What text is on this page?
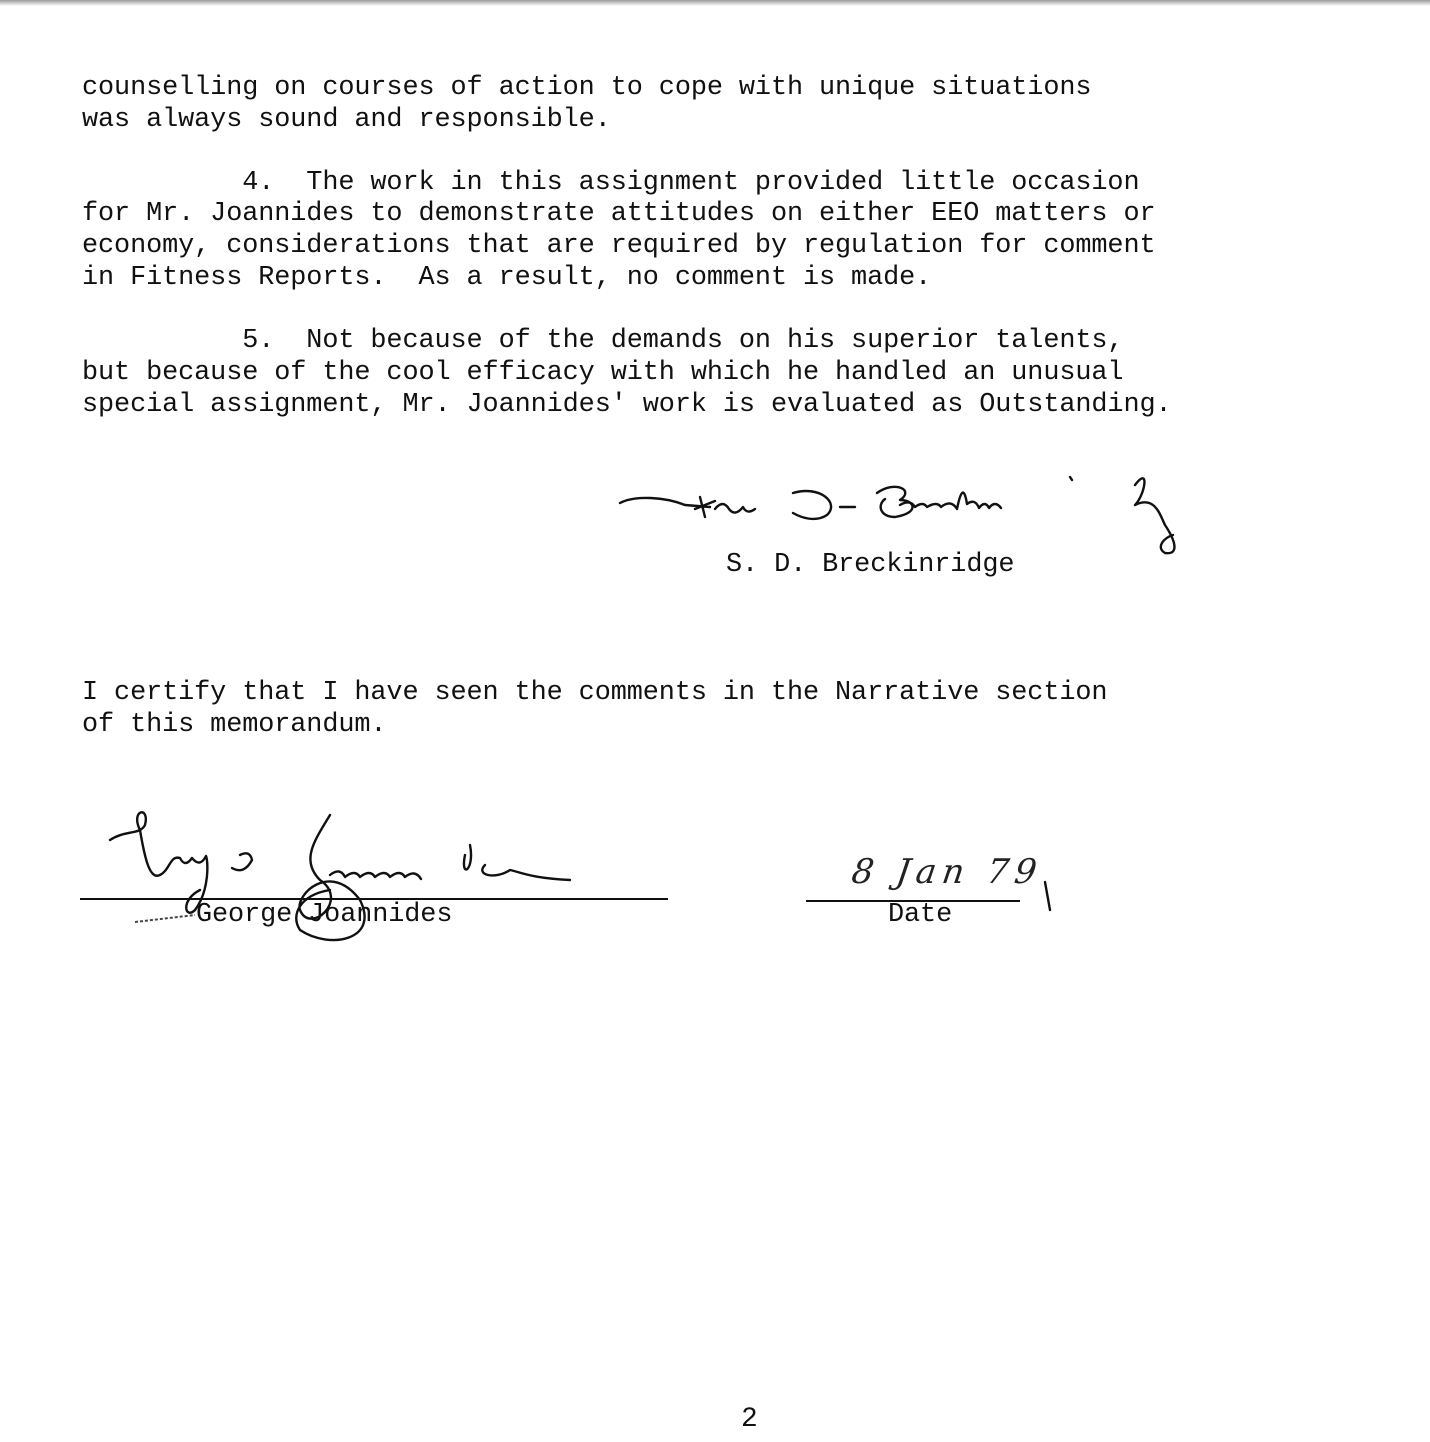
counselling on courses of action to cope with unique situations
was always sound and responsible.
4.  The work in this assignment provided little occasion
for Mr. Joannides to demonstrate attitudes on either EEO matters or
economy, considerations that are required by regulation for comment
in Fitness Reports.  As a result, no comment is made.
5.  Not because of the demands on his superior talents,
but because of the cool efficacy with which he handled an unusual
special assignment, Mr. Joannides' work is evaluated as Outstanding.
S. D. Breckinridge
I certify that I have seen the comments in the Narrative section
of this memorandum.
George Joannides	Date
8 Jan 79
2
